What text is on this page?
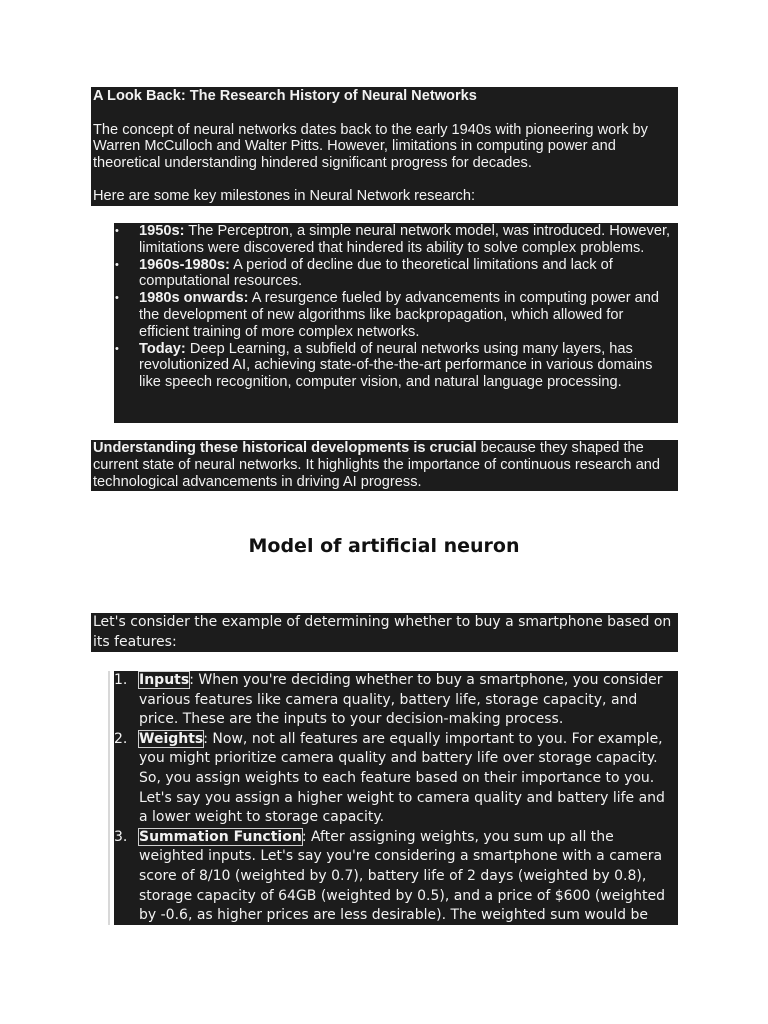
A Look Back: The Research History of Neural Networks

The concept of neural networks dates back to the early 1940s with pioneering work by Warren McCulloch and Walter Pitts. However, limitations in computing power and theoretical understanding hindered significant progress for decades.

Here are some key milestones in Neural Network research:

• 1950s: The Perceptron, a simple neural network model, was introduced. However, limitations were discovered that hindered its ability to solve complex problems.
• 1960s-1980s: A period of decline due to theoretical limitations and lack of computational resources.
• 1980s onwards: A resurgence fueled by advancements in computing power and the development of new algorithms like backpropagation, which allowed for efficient training of more complex networks.
• Today: Deep Learning, a subfield of neural networks using many layers, has revolutionized AI, achieving state-of-the-the-art performance in various domains like speech recognition, computer vision, and natural language processing.
Understanding these historical developments is crucial because they shaped the current state of neural networks. It highlights the importance of continuous research and technological advancements in driving AI progress.
Model of artificial neuron
Let's consider the example of determining whether to buy a smartphone based on its features:
1. Inputs: When you're deciding whether to buy a smartphone, you consider various features like camera quality, battery life, storage capacity, and price. These are the inputs to your decision-making process.
2. Weights: Now, not all features are equally important to you. For example, you might prioritize camera quality and battery life over storage capacity. So, you assign weights to each feature based on their importance to you. Let's say you assign a higher weight to camera quality and battery life and a lower weight to storage capacity.
3. Summation Function: After assigning weights, you sum up all the weighted inputs. Let's say you're considering a smartphone with a camera score of 8/10 (weighted by 0.7), battery life of 2 days (weighted by 0.8), storage capacity of 64GB (weighted by 0.5), and a price of $600 (weighted by -0.6, as higher prices are less desirable). The weighted sum would be
